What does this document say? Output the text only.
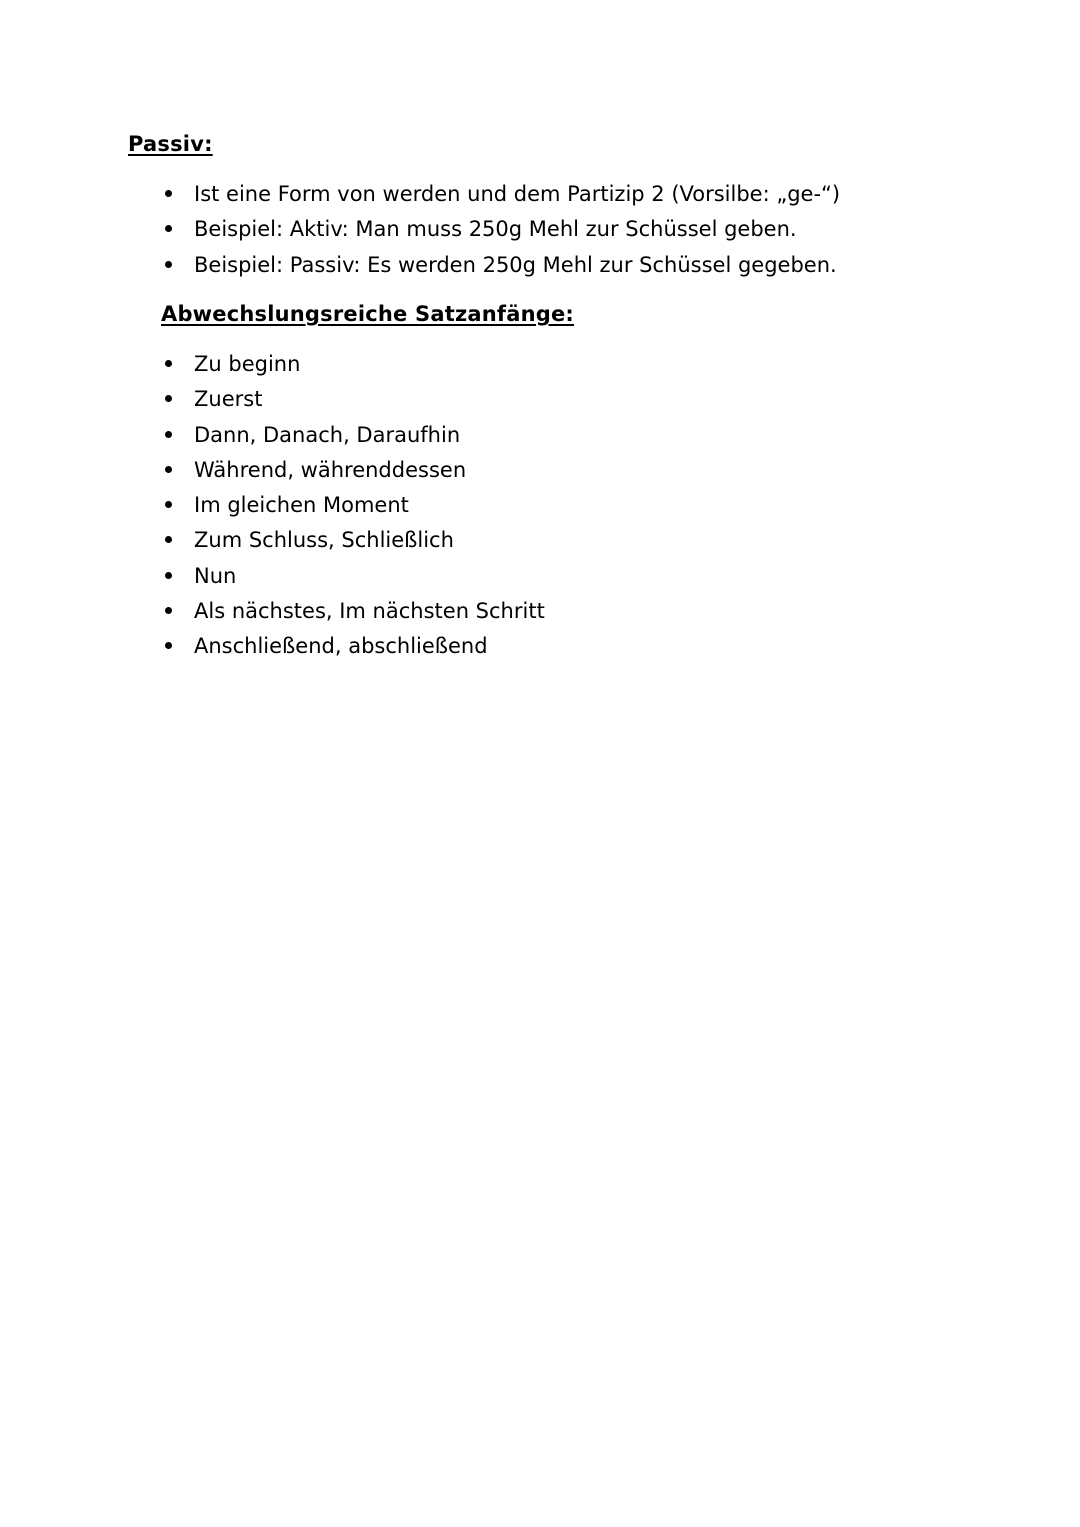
Passiv:
Ist eine Form von werden und dem Partizip 2 (Vorsilbe: „ge-“)
Beispiel: Aktiv: Man muss 250g Mehl zur Schüssel geben.
Beispiel: Passiv: Es werden 250g Mehl zur Schüssel gegeben.
Abwechslungsreiche Satzanfänge:
Zu beginn
Zuerst
Dann, Danach, Daraufhin
Während, währenddessen
Im gleichen Moment
Zum Schluss, Schließlich
Nun
Als nächstes, Im nächsten Schritt
Anschließend, abschließend
